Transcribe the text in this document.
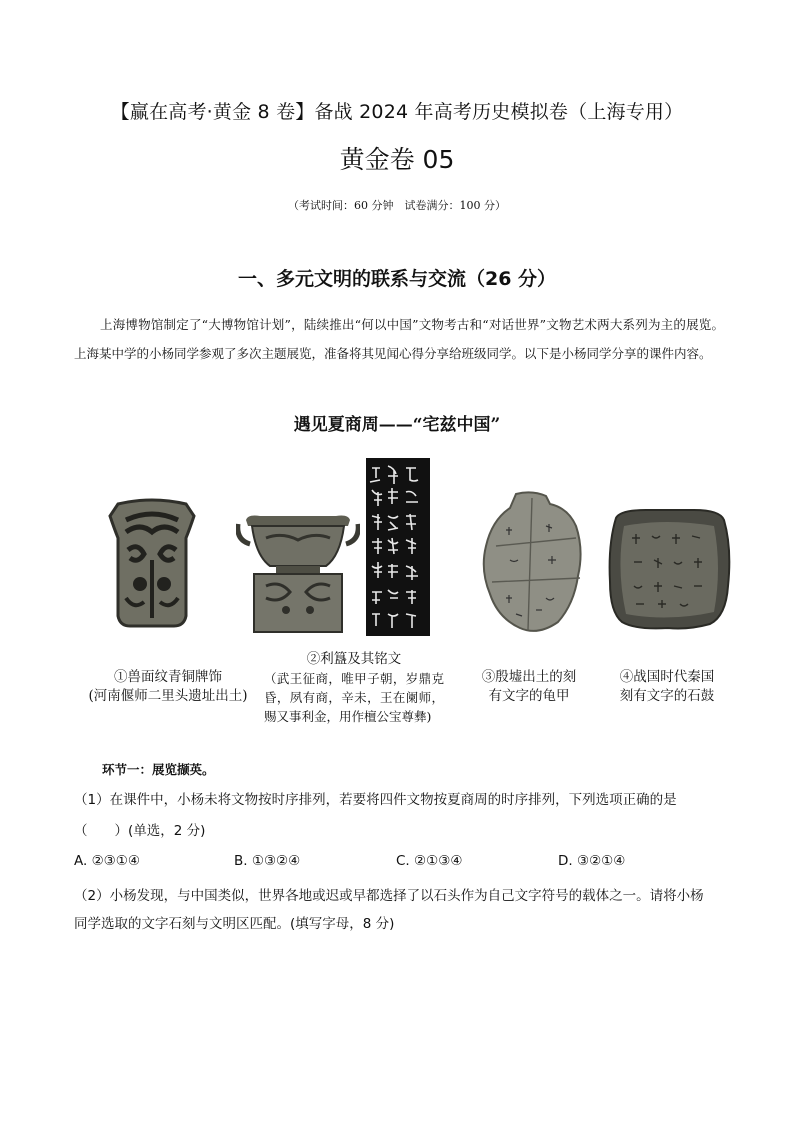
【赢在高考·黄金 8 卷】备战 2024 年高考历史模拟卷（上海专用）
黄金卷 05
（考试时间：60 分钟　试卷满分：100 分）
一、多元文明的联系与交流（26 分）
上海博物馆制定了“大博物馆计划”，陆续推出“何以中国”文物考古和“对话世界”文物艺术两大系列为主的展览。上海某中学的小杨同学参观了多次主题展览，准备将其见闻心得分享给班级同学。以下是小杨同学分享的课件内容。
遇见夏商周——“宅兹中国”
①兽面纹青铜牌饰
(河南偃师二里头遗址出土)
②利簋及其铭文
（武王征商，唯甲子朝，岁鼎克昏，夙有商，辛未，王在阑师，赐又事利金，用作檀公宝尊彝)
③殷墟出土的刻
有文字的龟甲
④战国时代秦国
刻有文字的石鼓
环节一：展览撷英。
（1）在课件中，小杨未将文物按时序排列，若要将四件文物按夏商周的时序排列，下列选项正确的是
（　　）(单选，2 分)
A. ②③①④	B. ①③②④	C. ②①③④	D. ③②①④
（2）小杨发现，与中国类似，世界各地或迟或早都选择了以石头作为自己文字符号的载体之一。请将小杨
同学选取的文字石刻与文明区匹配。(填写字母，8 分)
